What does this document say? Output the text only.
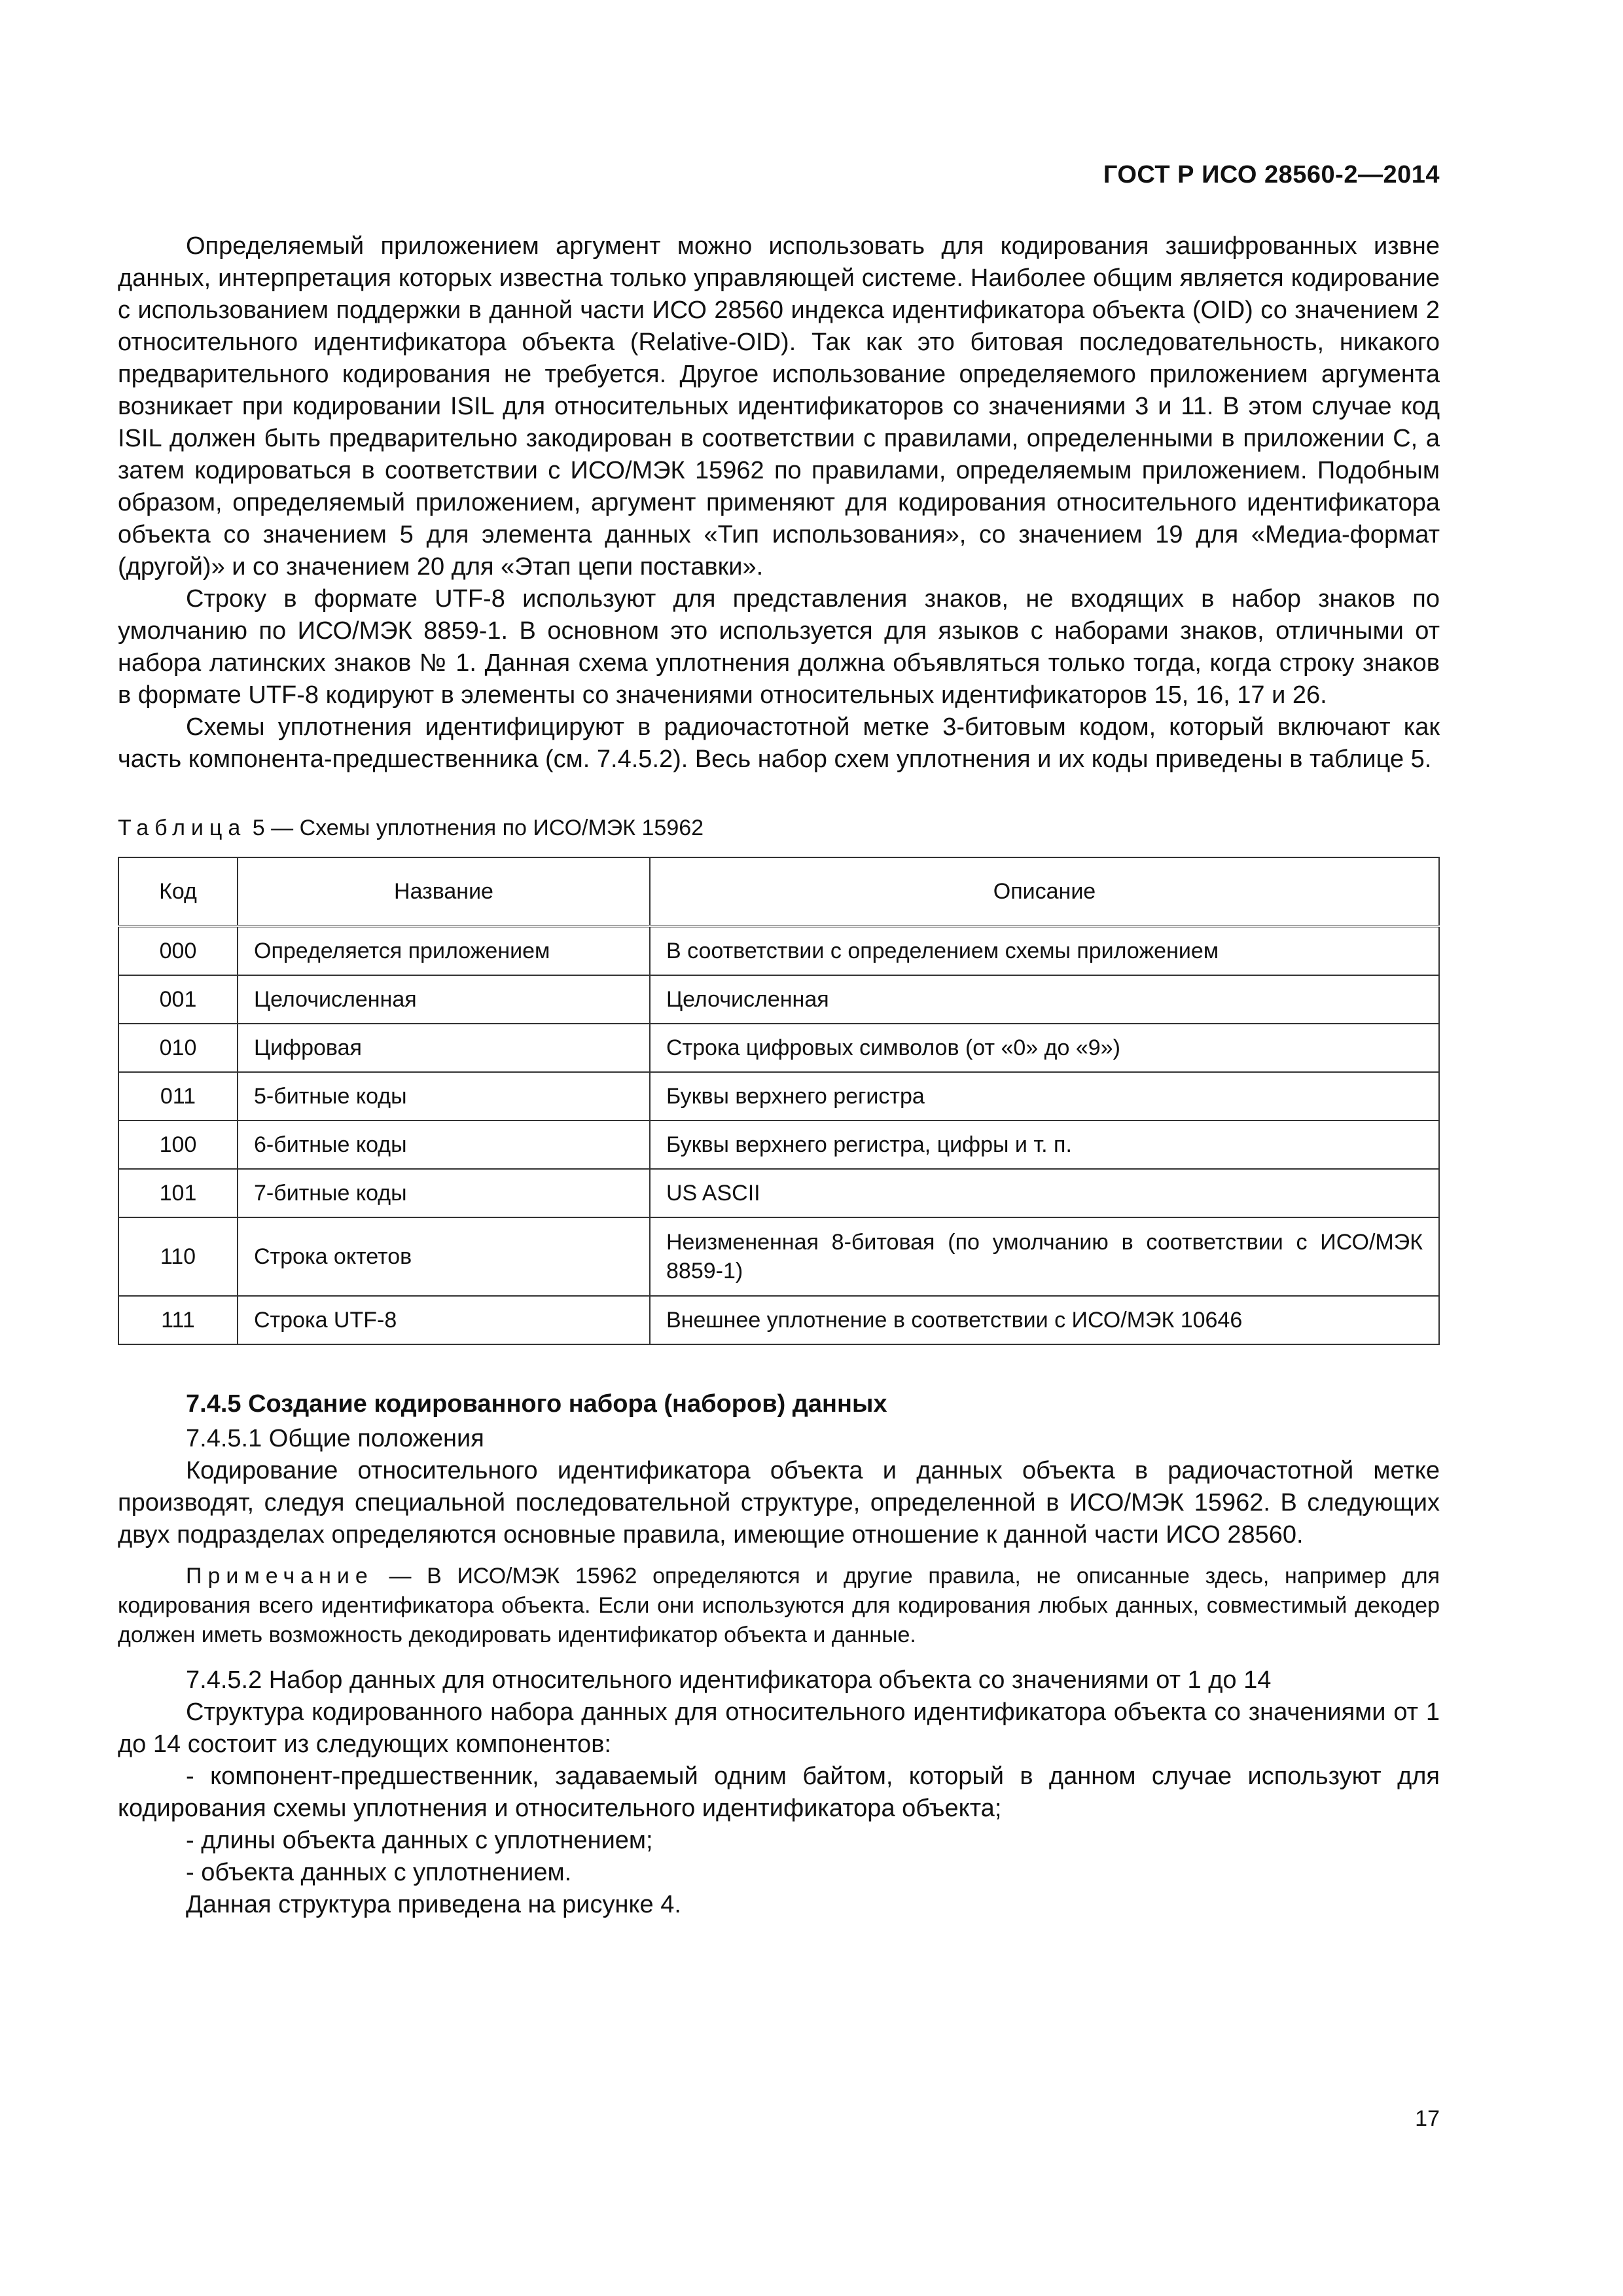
ГОСТ Р ИСО 28560-2—2014

Определяемый приложением аргумент можно использовать для кодирования зашифрованных извне данных, интерпретация которых известна только управляющей системе. Наиболее общим является кодирование с использованием поддержки в данной части ИСО 28560 индекса идентификатора объекта (OID) со значением 2 относительного идентификатора объекта (Relative-OID). Так как это битовая последовательность, никакого предварительного кодирования не требуется. Другое использование определяемого приложением аргумента возникает при кодировании ISIL для относительных идентификаторов со значениями 3 и 11. В этом случае код ISIL должен быть предварительно закодирован в соответствии с правилами, определенными в приложении С, а затем кодироваться в соответствии с ИСО/МЭК 15962 по правилами, определяемым приложением. Подобным образом, определяемый приложением, аргумент применяют для кодирования относительного идентификатора объекта со значением 5 для элемента данных «Тип использования», со значением 19 для «Медиа-формат (другой)» и со значением 20 для «Этап цепи поставки».

Строку в формате UTF-8 используют для представления знаков, не входящих в набор знаков по умолчанию по ИСО/МЭК 8859-1. В основном это используется для языков с наборами знаков, отличными от набора латинских знаков № 1. Данная схема уплотнения должна объявляться только тогда, когда строку знаков в формате UTF-8 кодируют в элементы со значениями относительных идентификаторов 15, 16, 17 и 26.

Схемы уплотнения идентифицируют в радиочастотной метке 3-битовым кодом, который включают как часть компонента-предшественника (см. 7.4.5.2). Весь набор схем уплотнения и их коды приведены в таблице 5.

Таблица 5 — Схемы уплотнения по ИСО/МЭК 15962
Код	Название	Описание
000	Определяется приложением	В соответствии с определением схемы приложением
001	Целочисленная	Целочисленная
010	Цифровая	Строка цифровых символов (от «0» до «9»)
011	5-битные коды	Буквы верхнего регистра
100	6-битные коды	Буквы верхнего регистра, цифры и т. п.
101	7-битные коды	US ASCII
110	Строка октетов	Неизмененная 8-битовая (по умолчанию в соответствии с ИСО/МЭК 8859-1)
111	Строка UTF-8	Внешнее уплотнение в соответствии с ИСО/МЭК 10646
7.4.5 Создание кодированного набора (наборов) данных

7.4.5.1 Общие положения

Кодирование относительного идентификатора объекта и данных объекта в радиочастотной метке производят, следуя специальной последовательной структуре, определенной в ИСО/МЭК 15962. В следующих двух подразделах определяются основные правила, имеющие отношение к данной части ИСО 28560.

Примечание — В ИСО/МЭК 15962 определяются и другие правила, не описанные здесь, например для кодирования всего идентификатора объекта. Если они используются для кодирования любых данных, совместимый декодер должен иметь возможность декодировать идентификатор объекта и данные.

7.4.5.2 Набор данных для относительного идентификатора объекта со значениями от 1 до 14

Структура кодированного набора данных для относительного идентификатора объекта со значениями от 1 до 14 состоит из следующих компонентов:

- компонент-предшественник, задаваемый одним байтом, который в данном случае используют для кодирования схемы уплотнения и относительного идентификатора объекта;

- длины объекта данных с уплотнением;

- объекта данных с уплотнением.

Данная структура приведена на рисунке 4.

17
